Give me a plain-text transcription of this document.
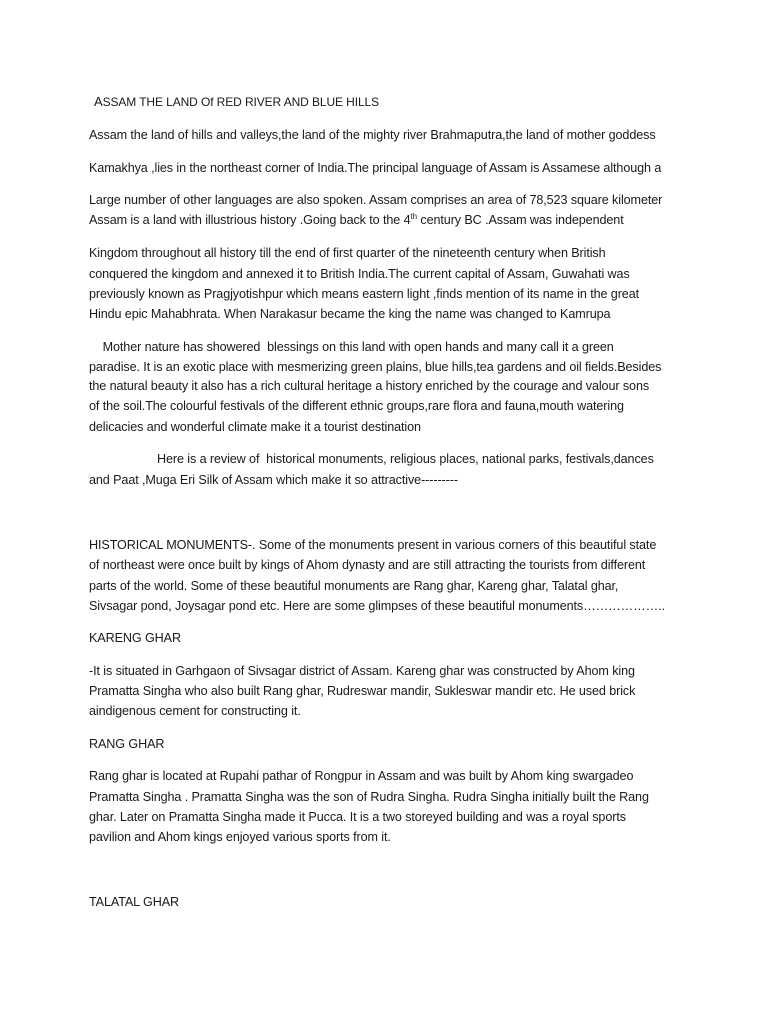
ASSAM THE LAND Of RED RIVER AND BLUE HILLS
Assam the land of hills and valleys,the land of the mighty river Brahmaputra,the land of mother goddess
Kamakhya ,lies in the northeast corner of India.The principal language of Assam is Assamese although a
Large number of other languages are also spoken. Assam comprises an area of 78,523 square kilometer
Assam is a land with illustrious history .Going back to the 4th century BC .Assam was independent
Kingdom throughout all history till the end of first quarter of the nineteenth century when British
conquered the kingdom and annexed it to British India.The current capital of Assam, Guwahati was
previously known as Pragjyotishpur which means eastern light ,finds mention of its name in the great
Hindu epic Mahabhrata. When Narakasur became the king the name was changed to Kamrupa
Mother nature has showered  blessings on this land with open hands and many call it a green
paradise. It is an exotic place with mesmerizing green plains, blue hills,tea gardens and oil fields.Besides
the natural beauty it also has a rich cultural heritage a history enriched by the courage and valour sons
of the soil.The colourful festivals of the different ethnic groups,rare flora and fauna,mouth watering
delicacies and wonderful climate make it a tourist destination
Here is a review of  historical monuments, religious places, national parks, festivals,dances
and Paat ,Muga Eri Silk of Assam which make it so attractive---------
HISTORICAL MONUMENTS-. Some of the monuments present in various corners of this beautiful state
of northeast were once built by kings of Ahom dynasty and are still attracting the tourists from different
parts of the world. Some of these beautiful monuments are Rang ghar, Kareng ghar, Talatal ghar,
Sivsagar pond, Joysagar pond etc. Here are some glimpses of these beautiful monuments………………..
KARENG GHAR
-It is situated in Garhgaon of Sivsagar district of Assam. Kareng ghar was constructed by Ahom king
Pramatta Singha who also built Rang ghar, Rudreswar mandir, Sukleswar mandir etc. He used brick
aindigenous cement for constructing it.
RANG GHAR
Rang ghar is located at Rupahi pathar of Rongpur in Assam and was built by Ahom king swargadeo
Pramatta Singha . Pramatta Singha was the son of Rudra Singha. Rudra Singha initially built the Rang
ghar. Later on Pramatta Singha made it Pucca. It is a two storeyed building and was a royal sports
pavilion and Ahom kings enjoyed various sports from it.
TALATAL GHAR
